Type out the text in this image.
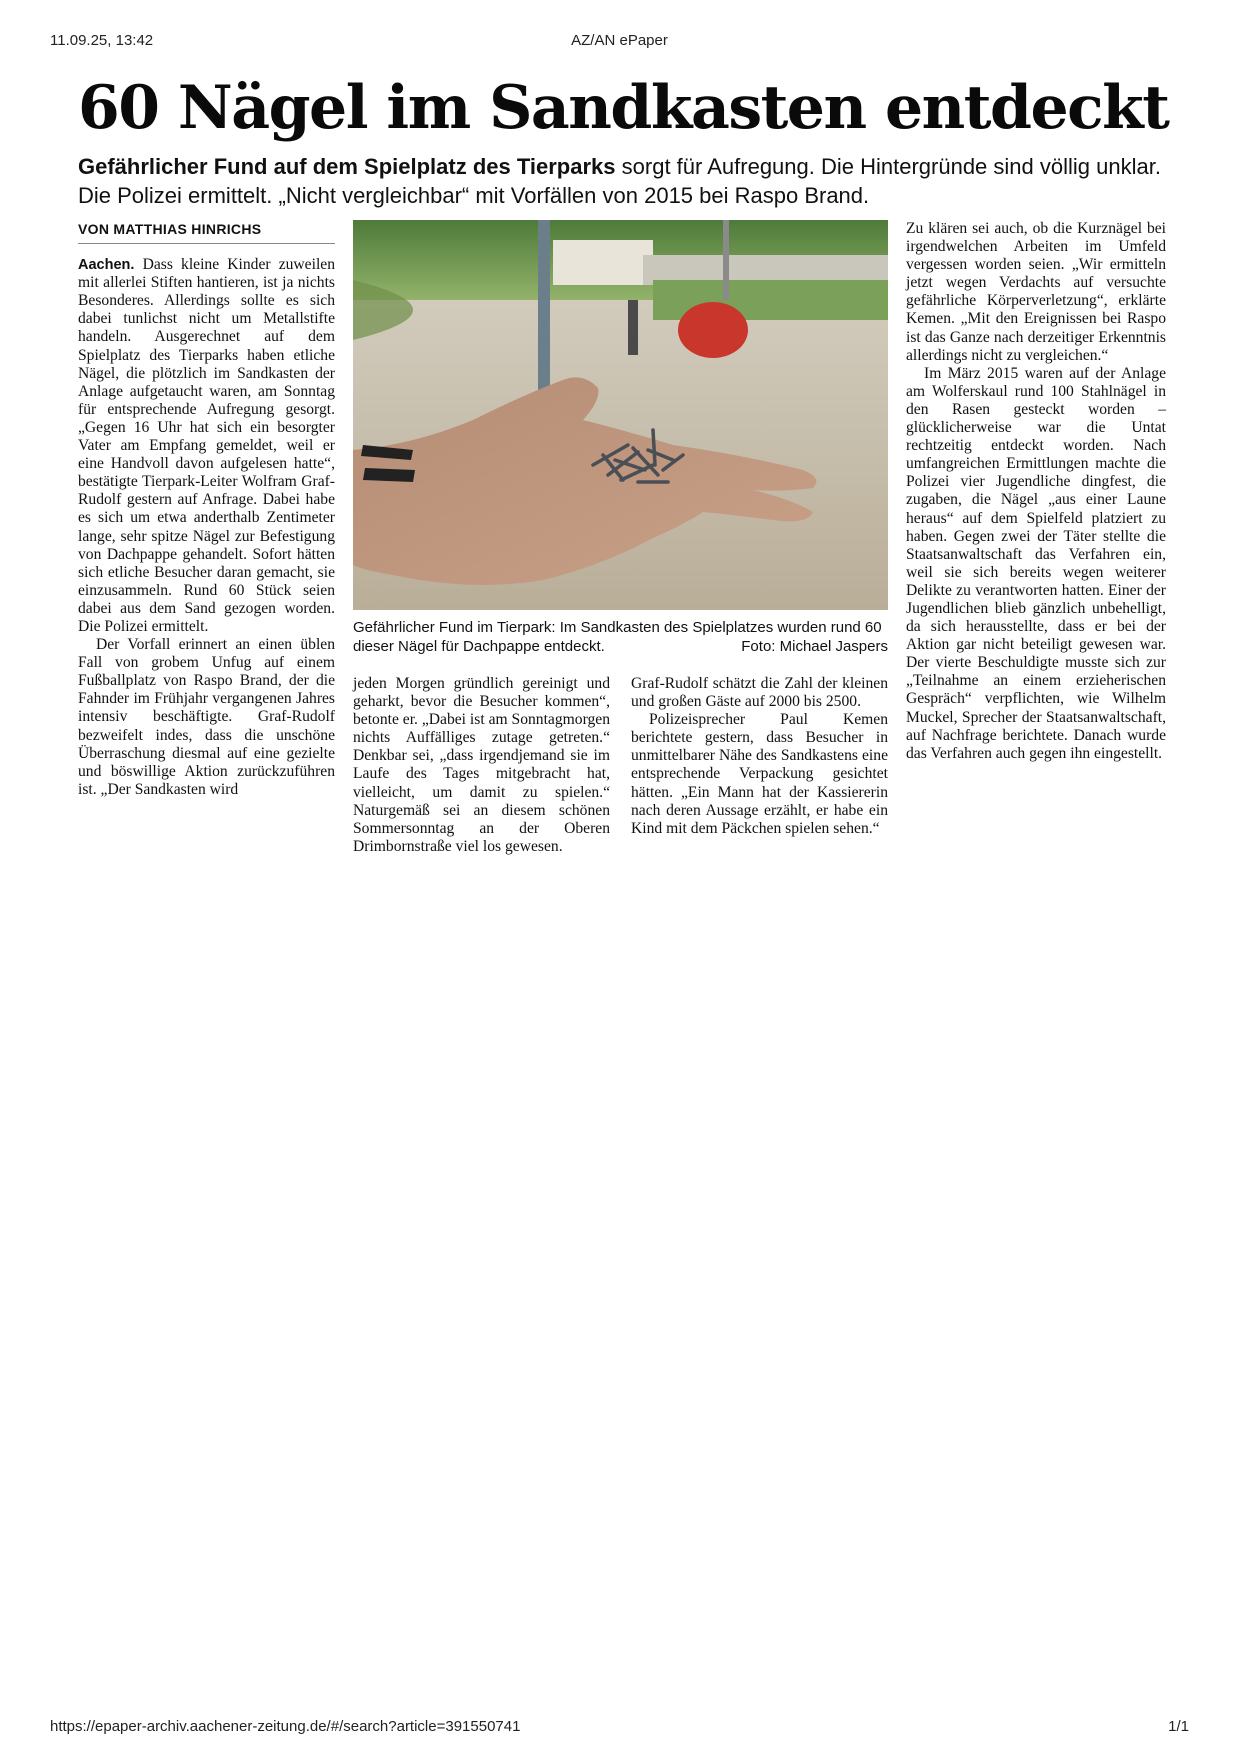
11.09.25, 13:42	AZ/AN ePaper
60 Nägel im Sandkasten entdeckt
Gefährlicher Fund auf dem Spielplatz des Tierparks sorgt für Aufregung. Die Hintergründe sind völlig unklar. Die Polizei ermittelt. „Nicht vergleichbar“ mit Vorfällen von 2015 bei Raspo Brand.
VON MATTHIAS HINRICHS

Aachen. Dass kleine Kinder zuweilen mit allerlei Stiften hantieren, ist ja nichts Besonderes. Allerdings sollte es sich dabei tunlichst nicht um Metallstifte handeln. Ausgerechnet auf dem Spielplatz des Tierparks haben etliche Nägel, die plötzlich im Sandkasten der Anlage aufgetaucht waren, am Sonntag für entsprechende Aufregung gesorgt. „Gegen 16 Uhr hat sich ein besorgter Vater am Empfang gemeldet, weil er eine Handvoll davon aufgelesen hatte“, bestätigte Tierpark-Leiter Wolfram Graf-Rudolf gestern auf Anfrage. Dabei habe es sich um etwa anderthalb Zentimeter lange, sehr spitze Nägel zur Befestigung von Dachpappe gehandelt. Sofort hätten sich etliche Besucher daran gemacht, sie einzusammeln. Rund 60 Stück seien dabei aus dem Sand gezogen worden. Die Polizei ermittelt.

Der Vorfall erinnert an einen üblen Fall von grobem Unfug auf einem Fußballplatz von Raspo Brand, der die Fahnder im Frühjahr vergangenen Jahres intensiv beschäftigte. Graf-Rudolf bezweifelt indes, dass die unschöne Überraschung diesmal auf eine gezielte und böswillige Aktion zurückzuführen ist. „Der Sandkasten wird

Gefährlicher Fund im Tierpark: Im Sandkasten des Spielplatzes wurden rund 60 dieser Nägel für Dachpappe entdeckt.	Foto: Michael Jaspers

jeden Morgen gründlich gereinigt und geharkt, bevor die Besucher kommen“, betonte er. „Dabei ist am Sonntagmorgen nichts Auffälliges zutage getreten.“ Denkbar sei, „dass irgendjemand sie im Laufe des Tages mitgebracht hat, vielleicht, um damit zu spielen.“ Naturgemäß sei an diesem schönen Sommersonntag an der Oberen Drimbornstraße viel los gewesen.

Graf-Rudolf schätzt die Zahl der kleinen und großen Gäste auf 2000 bis 2500.

Polizeisprecher Paul Kemen berichtete gestern, dass Besucher in unmittelbarer Nähe des Sandkastens eine entsprechende Verpackung gesichtet hätten. „Ein Mann hat der Kassiererin nach deren Aussage erzählt, er habe ein Kind mit dem Päckchen spielen sehen.“

Zu klären sei auch, ob die Kurznägel bei irgendwelchen Arbeiten im Umfeld vergessen worden seien. „Wir ermitteln jetzt wegen Verdachts auf versuchte gefährliche Körperverletzung“, erklärte Kemen. „Mit den Ereignissen bei Raspo ist das Ganze nach derzeitiger Erkenntnis allerdings nicht zu vergleichen.“

Im März 2015 waren auf der Anlage am Wolferskaul rund 100 Stahlnägel in den Rasen gesteckt worden – glücklicherweise war die Untat rechtzeitig entdeckt worden. Nach umfangreichen Ermittlungen machte die Polizei vier Jugendliche dingfest, die zugaben, die Nägel „aus einer Laune heraus“ auf dem Spielfeld platziert zu haben. Gegen zwei der Täter stellte die Staatsanwaltschaft das Verfahren ein, weil sie sich bereits wegen weiterer Delikte zu verantworten hatten. Einer der Jugendlichen blieb gänzlich unbehelligt, da sich herausstellte, dass er bei der Aktion gar nicht beteiligt gewesen war. Der vierte Beschuldigte musste sich zur „Teilnahme an einem erzieherischen Gespräch“ verpflichten, wie Wilhelm Muckel, Sprecher der Staatsanwaltschaft, auf Nachfrage berichtete. Danach wurde das Verfahren auch gegen ihn eingestellt.

https://epaper-archiv.aachener-zeitung.de/#/search?article=391550741	1/1
